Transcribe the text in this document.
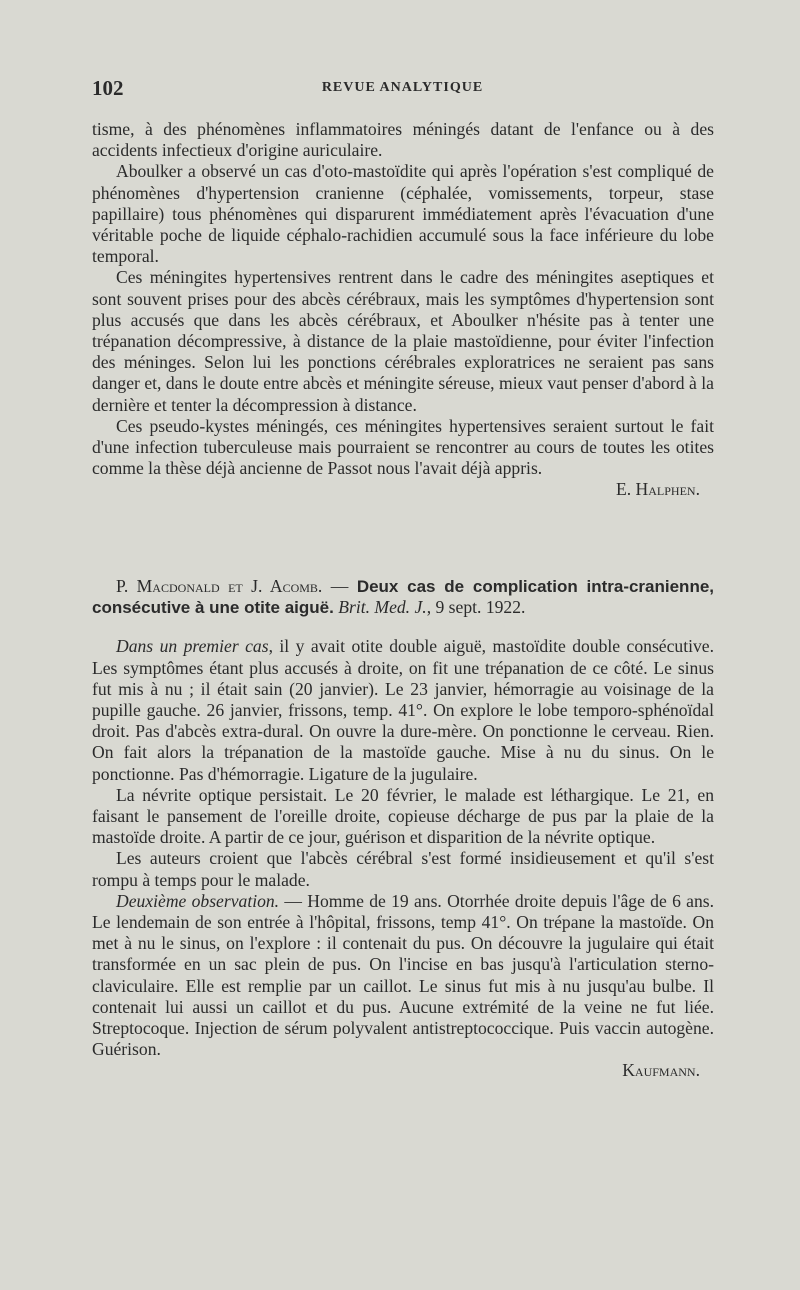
102	REVUE ANALYTIQUE

tisme, à des phénomènes inflammatoires méningés datant de l'enfance ou à des accidents infectieux d'origine auriculaire.

Aboulker a observé un cas d'oto-mastoïdite qui après l'opération s'est compliqué de phénomènes d'hypertension cranienne (céphalée, vomissements, torpeur, stase papillaire) tous phénomènes qui disparurent immédiatement après l'évacuation d'une véritable poche de liquide céphalo-rachidien accumulé sous la face inférieure du lobe temporal.

Ces méningites hypertensives rentrent dans le cadre des méningites aseptiques et sont souvent prises pour des abcès cérébraux, mais les symptômes d'hypertension sont plus accusés que dans les abcès cérébraux, et Aboulker n'hésite pas à tenter une trépanation décompressive, à distance de la plaie mastoïdienne, pour éviter l'infection des méninges. Selon lui les ponctions cérébrales exploratrices ne seraient pas sans danger et, dans le doute entre abcès et méningite séreuse, mieux vaut penser d'abord à la dernière et tenter la décompression à distance.

Ces pseudo-kystes méningés, ces méningites hypertensives seraient surtout le fait d'une infection tuberculeuse mais pourraient se rencontrer au cours de toutes les otites comme la thèse déjà ancienne de Passot nous l'avait déjà appris.

E. Halphen.

P. Macdonald et J. Acomb. — Deux cas de complication intra-cranienne, consécutive à une otite aiguë. Brit. Med. J., 9 sept. 1922.

Dans un premier cas, il y avait otite double aiguë, mastoïdite double consécutive. Les symptômes étant plus accusés à droite, on fit une trépanation de ce côté. Le sinus fut mis à nu ; il était sain (20 janvier). Le 23 janvier, hémorragie au voisinage de la pupille gauche. 26 janvier, frissons, temp. 41°. On explore le lobe temporo-sphénoïdal droit. Pas d'abcès extra-dural. On ouvre la dure-mère. On ponctionne le cerveau. Rien. On fait alors la trépanation de la mastoïde gauche. Mise à nu du sinus. On le ponctionne. Pas d'hémorragie. Ligature de la jugulaire.

La névrite optique persistait. Le 20 février, le malade est léthargique. Le 21, en faisant le pansement de l'oreille droite, copieuse décharge de pus par la plaie de la mastoïde droite. A partir de ce jour, guérison et disparition de la névrite optique.

Les auteurs croient que l'abcès cérébral s'est formé insidieusement et qu'il s'est rompu à temps pour le malade.

Deuxième observation. — Homme de 19 ans. Otorrhée droite depuis l'âge de 6 ans. Le lendemain de son entrée à l'hôpital, frissons, temp 41°. On trépane la mastoïde. On met à nu le sinus, on l'explore : il contenait du pus. On découvre la jugulaire qui était transformée en un sac plein de pus. On l'incise en bas jusqu'à l'articulation sterno-claviculaire. Elle est remplie par un caillot. Le sinus fut mis à nu jusqu'au bulbe. Il contenait lui aussi un caillot et du pus. Aucune extrémité de la veine ne fut liée. Streptocoque. Injection de sérum polyvalent antistreptococcique. Puis vaccin autogène. Guérison.

Kaufmann.
